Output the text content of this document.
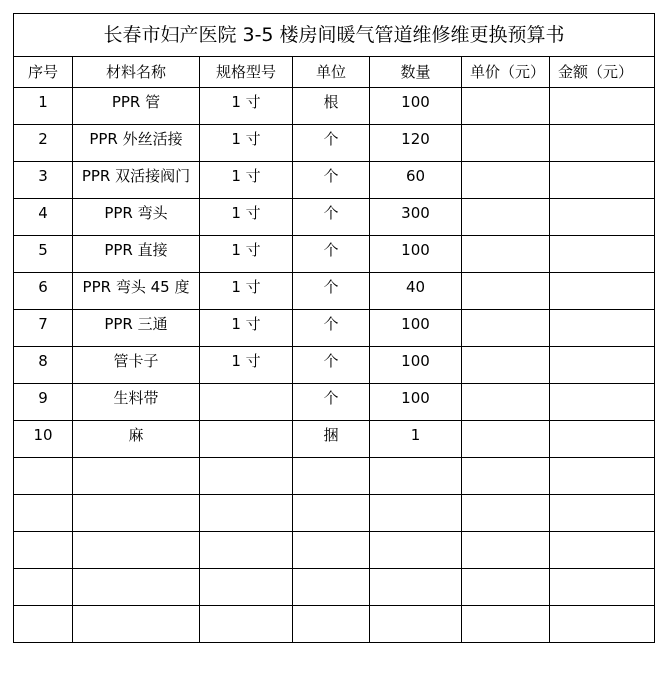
长春市妇产医院 3-5 楼房间暖气管道维修维更换预算书						
序号	材料名称	规格型号	单位	数量	单价（元）	金额（元）
1	PPR 管	1 寸	根	100		
2	PPR 外丝活接	1 寸	个	120		
3	PPR 双活接阀门	1 寸	个	60		
4	PPR 弯头	1 寸	个	300		
5	PPR 直接	1 寸	个	100		
6	PPR 弯头 45 度	1 寸	个	40		
7	PPR 三通	1 寸	个	100		
8	管卡子	1 寸	个	100		
9	生料带		个	100		
10	麻		捆	1		
